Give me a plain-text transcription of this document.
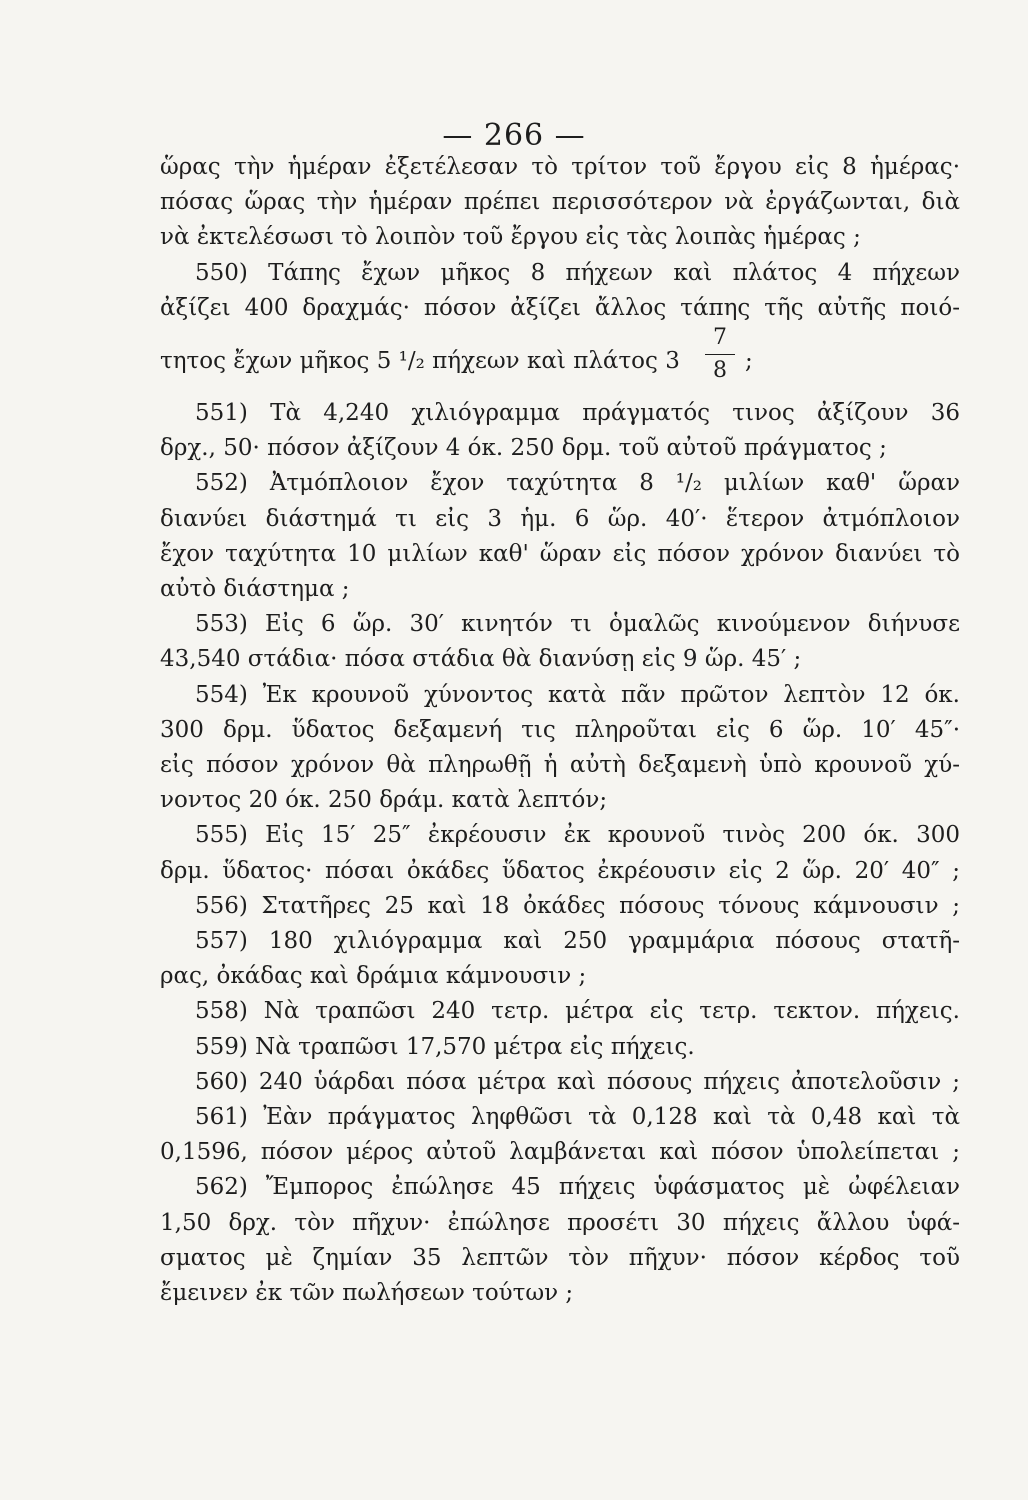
— 266 —
ὥρας τὴν ἡμέραν ἐξετέλεσαν τὸ τρίτον τοῦ ἔργου εἰς 8 ἡμέρας·
πόσας ὥρας τὴν ἡμέραν πρέπει περισσότερον νὰ ἐργάζωνται, διὰ
νὰ ἐκτελέσωσι τὸ λοιπὸν τοῦ ἔργου εἰς τὰς λοιπὰς ἡμέρας ;
550) Τάπης ἔχων μῆκος 8 πήχεων καὶ πλάτος 4 πήχεων
ἀξίζει 400 δραχμάς· πόσον ἀξίζει ἄλλος τάπης τῆς αὐτῆς ποιό-
τητος ἔχων μῆκος 5 ¹/₂ πήχεων καὶ πλάτος 3
7
8 ;
551) Τὰ 4,240 χιλιόγραμμα πράγματός τινος ἀξίζουν 36
δρχ., 50· πόσον ἀξίζουν 4 όκ. 250 δρμ. τοῦ αὐτοῦ πράγματος ;
552) Ἀτμόπλοιον ἔχον ταχύτητα 8 ¹/₂ μιλίων καθ' ὥραν
διανύει διάστημά τι εἰς 3 ἡμ. 6 ὥρ. 40′· ἕτερον ἀτμόπλοιον
ἔχον ταχύτητα 10 μιλίων καθ' ὥραν εἰς πόσον χρόνον διανύει τὸ
αὐτὸ διάστημα ;
553) Εἰς 6 ὥρ. 30′ κινητόν τι ὁμαλῶς κινούμενον διήνυσε
43,540 στάδια· πόσα στάδια θὰ διανύσῃ εἰς 9 ὥρ. 45′ ;
554) Ἐκ κρουνοῦ χύνοντος κατὰ πᾶν πρῶτον λεπτὸν 12 όκ.
300 δρμ. ὕδατος δεξαμενή τις πληροῦται εἰς 6 ὥρ. 10′ 45″·
εἰς πόσον χρόνον θὰ πληρωθῇ ἡ αὐτὴ δεξαμενὴ ὑπὸ κρουνοῦ χύ-
νοντος 20 όκ. 250 δράμ. κατὰ λεπτόν;
555) Εἰς 15′ 25″ ἐκρέουσιν ἐκ κρουνοῦ τινὸς 200 όκ. 300
δρμ. ὕδατος· πόσαι ὀκάδες ὕδατος ἐκρέουσιν εἰς 2 ὥρ. 20′ 40″ ;
556) Στατῆρες 25 καὶ 18 ὀκάδες πόσους τόνους κάμνουσιν ;
557) 180 χιλιόγραμμα καὶ 250 γραμμάρια πόσους στατῆ-
ρας, ὀκάδας καὶ δράμια κάμνουσιν ;
558) Νὰ τραπῶσι 240 τετρ. μέτρα εἰς τετρ. τεκτον. πήχεις.
559) Νὰ τραπῶσι 17,570 μέτρα εἰς πήχεις.
560) 240 ὑάρδαι πόσα μέτρα καὶ πόσους πήχεις ἀποτελοῦσιν ;
561) Ἐὰν πράγματος ληφθῶσι τὰ 0,128 καὶ τὰ 0,48 καὶ τὰ
0,1596, πόσον μέρος αὐτοῦ λαμβάνεται καὶ πόσον ὑπολείπεται ;
562) Ἔμπορος ἐπώλησε 45 πήχεις ὑφάσματος μὲ ὠφέλειαν
1,50 δρχ. τὸν πῆχυν· ἐπώλησε προσέτι 30 πήχεις ἄλλου ὑφά-
σματος μὲ ζημίαν 35 λεπτῶν τὸν πῆχυν· πόσον κέρδος τοῦ
ἔμεινεν ἐκ τῶν πωλήσεων τούτων ;
